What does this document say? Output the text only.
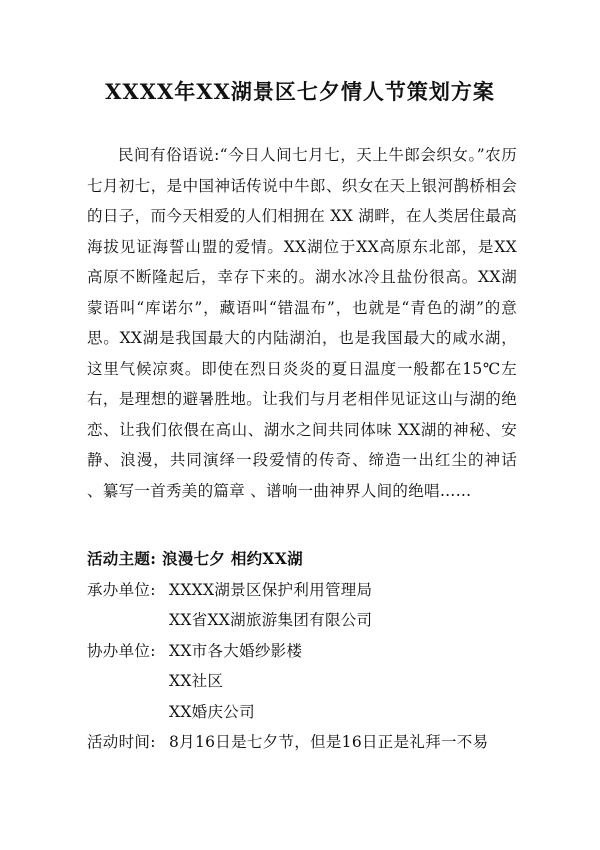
XXXX年XX湖景区七夕情人节策划方案

民间有俗语说:“今日人间七月七，天上牛郎会织女。”农历七月初七，是中国神话传说中牛郎、织女在天上银河鹊桥相会的日子，而今天相爱的人们相拥在 XX 湖畔，在人类居住最高海拔见证海誓山盟的爱情。XX湖位于XX高原东北部，是XX高原不断隆起后，幸存下来的。湖水冰冷且盐份很高。XX湖蒙语叫“库诺尔”，藏语叫“错温布”，也就是“青色的湖”的意思。XX湖是我国最大的内陆湖泊，也是我国最大的咸水湖，这里气候凉爽。即使在烈日炎炎的夏日温度一般都在15℃左右，是理想的避暑胜地。让我们与月老相伴见证这山与湖的绝恋、让我们依偎在高山、湖水之间共同体味 XX湖的神秘、安静、浪漫，共同演绎一段爱情的传奇、缔造一出红尘的神话 、纂写一首秀美的篇章 、谱响一曲神界人间的绝唱……

活动主题: 浪漫七夕 相约XX湖
承办单位: XXXX湖景区保护利用管理局
XX省XX湖旅游集团有限公司
协办单位: XX市各大婚纱影楼
XX社区
XX婚庆公司
活动时间: 8月16日是七夕节，但是16日正是礼拜一不易
